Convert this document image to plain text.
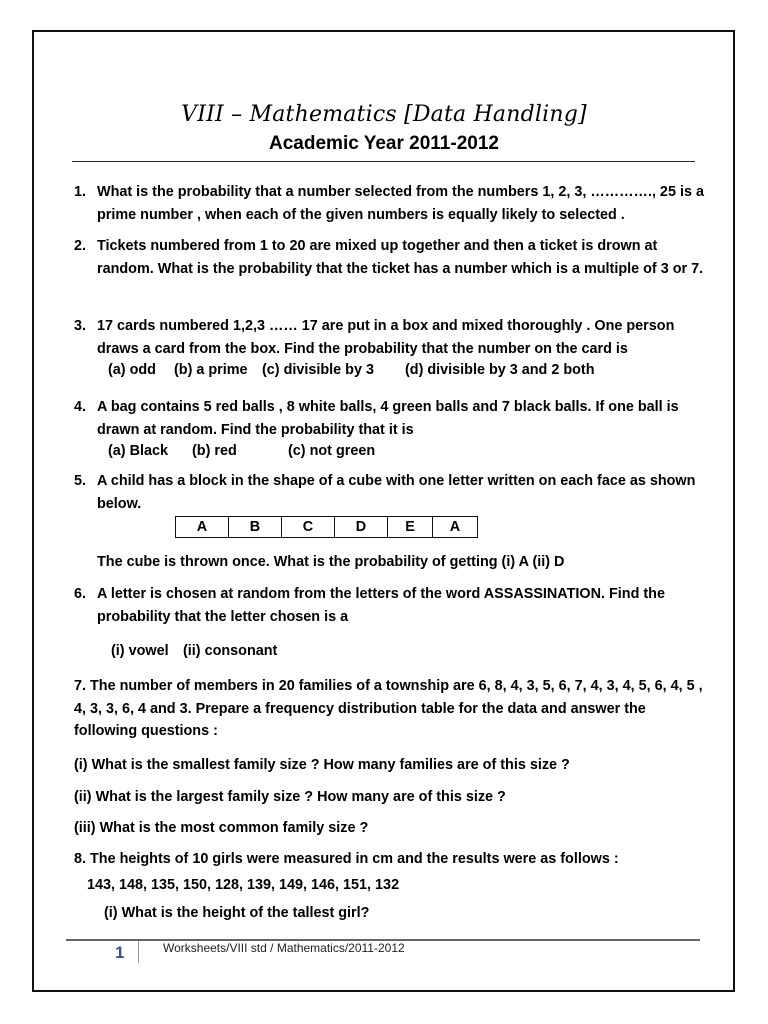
VIII – Mathematics [Data Handling]
Academic Year 2011-2012
1. What is the probability that a number selected from the numbers 1, 2, 3, …………., 25 is a prime number , when each of the given numbers is equally likely to selected .
2. Tickets numbered from 1 to 20 are mixed up together and then a ticket is drown at random. What is the probability that the ticket has a number which is a multiple of 3 or 7.
3. 17 cards numbered 1,2,3 …… 17 are put in a box and mixed thoroughly . One person draws a card from the box. Find the probability that the number on the card is
(a) odd (b) a prime (c) divisible by 3 (d) divisible by 3 and 2 both
4. A bag contains 5 red balls , 8 white balls, 4 green balls and 7 black balls. If one ball is drawn at random. Find the probability that it is
(a) Black (b) red	(c) not green
5. A child has a block in the shape of a cube with one letter written on each face as shown below.
A	B	C	D	E	A
The cube is thrown once. What is the probability of getting (i) A (ii) D
6. A letter is chosen at random from the letters of the word ASSASSINATION. Find the probability that the letter chosen is a
(i) vowel (ii) consonant
7. The number of members in 20 families of a township are 6, 8, 4, 3, 5, 6, 7, 4, 3, 4, 5, 6, 4, 5 , 4, 3, 3, 6, 4 and 3. Prepare a frequency distribution table for the data and answer the following questions :
(i) What is the smallest family size ? How many families are of this size ?
(ii) What is the largest family size ? How many are of this size ?
(iii) What is the most common family size ?
8. The heights of 10 girls were measured in cm and the results were as follows :
143, 148, 135, 150, 128, 139, 149, 146, 151, 132
(i) What is the height of the tallest girl?
1	Worksheets/VIII std / Mathematics/2011-2012
